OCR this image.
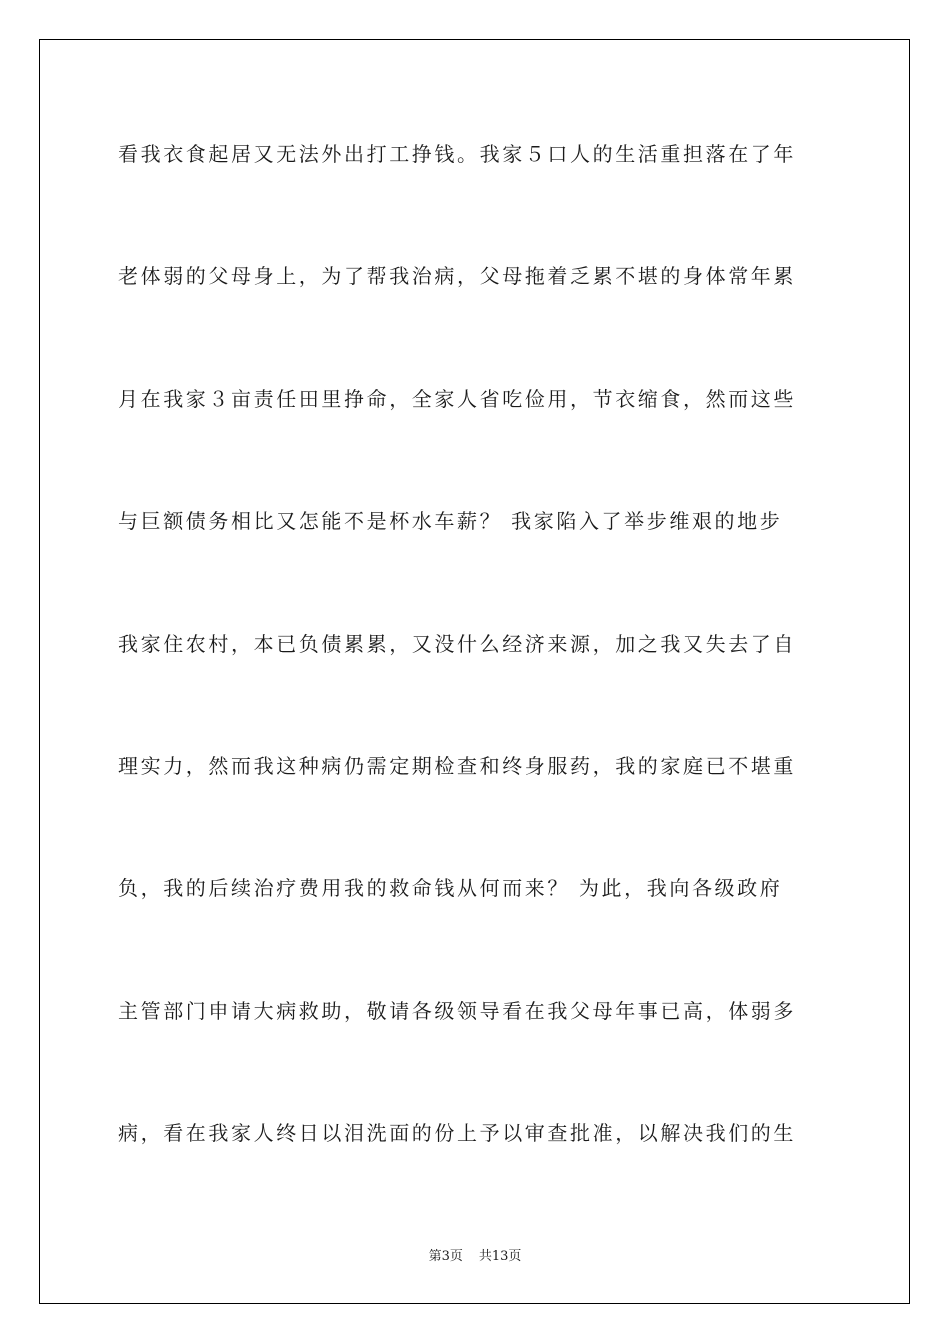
看我衣食起居又无法外出打工挣钱。我家５口人的生活重担落在了年
老体弱的父母身上，为了帮我治病，父母拖着乏累不堪的身体常年累
月在我家３亩责任田里挣命，全家人省吃俭用，节衣缩食，然而这些
与巨额债务相比又怎能不是杯水车薪？ 我家陷入了举步维艰的地步
我家住农村，本已负债累累，又没什么经济来源，加之我又失去了自
理实力，然而我这种病仍需定期检查和终身服药，我的家庭已不堪重
负，我的后续治疗费用我的救命钱从何而来？ 为此，我向各级政府
主管部门申请大病救助，敬请各级领导看在我父母年事已高，体弱多
病，看在我家人终日以泪洗面的份上予以审查批准，以解决我们的生
第3页 共13页
